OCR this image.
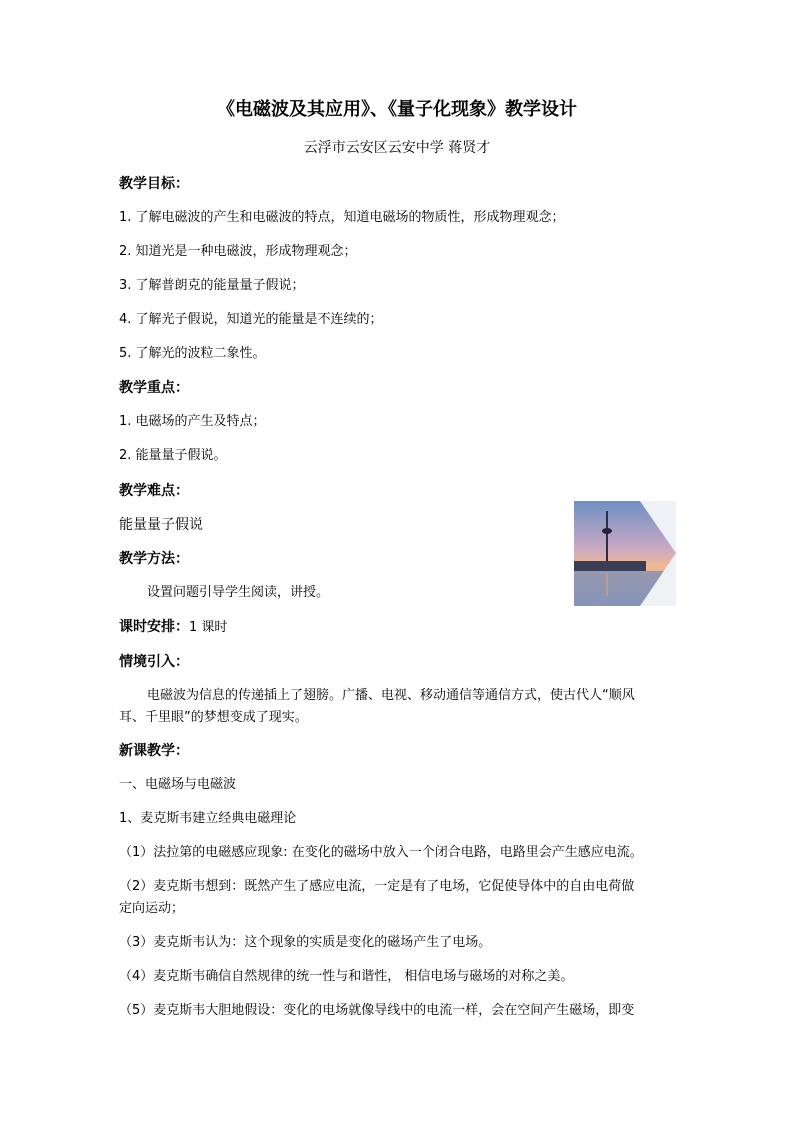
《电磁波及其应用》、《量子化现象》教学设计
云浮市云安区云安中学 蒋贤才
教学目标：
1. 了解电磁波的产生和电磁波的特点，知道电磁场的物质性，形成物理观念；
2. 知道光是一种电磁波，形成物理观念；
3. 了解普朗克的能量量子假说；
4. 了解光子假说，知道光的能量是不连续的；
5. 了解光的波粒二象性。
教学重点：
1. 电磁场的产生及特点；
2. 能量量子假说。
教学难点：
能量量子假说
教学方法：
设置问题引导学生阅读，讲授。
课时安排：1 课时
情境引入：
电磁波为信息的传递插上了翅膀。广播、电视、移动通信等通信方式，使古代人“顺风
耳、千里眼”的梦想变成了现实。
新课教学：
一、电磁场与电磁波
1、麦克斯韦建立经典电磁理论
（1）法拉第的电磁感应现象: 在变化的磁场中放入一个闭合电路，电路里会产生感应电流。
（2）麦克斯韦想到：既然产生了感应电流，一定是有了电场，它促使导体中的自由电荷做
定向运动；
（3）麦克斯韦认为：这个现象的实质是变化的磁场产生了电场。
（4）麦克斯韦确信自然规律的统一性与和谐性， 相信电场与磁场的对称之美。
（5）麦克斯韦大胆地假设：变化的电场就像导线中的电流一样，会在空间产生磁场，即变
